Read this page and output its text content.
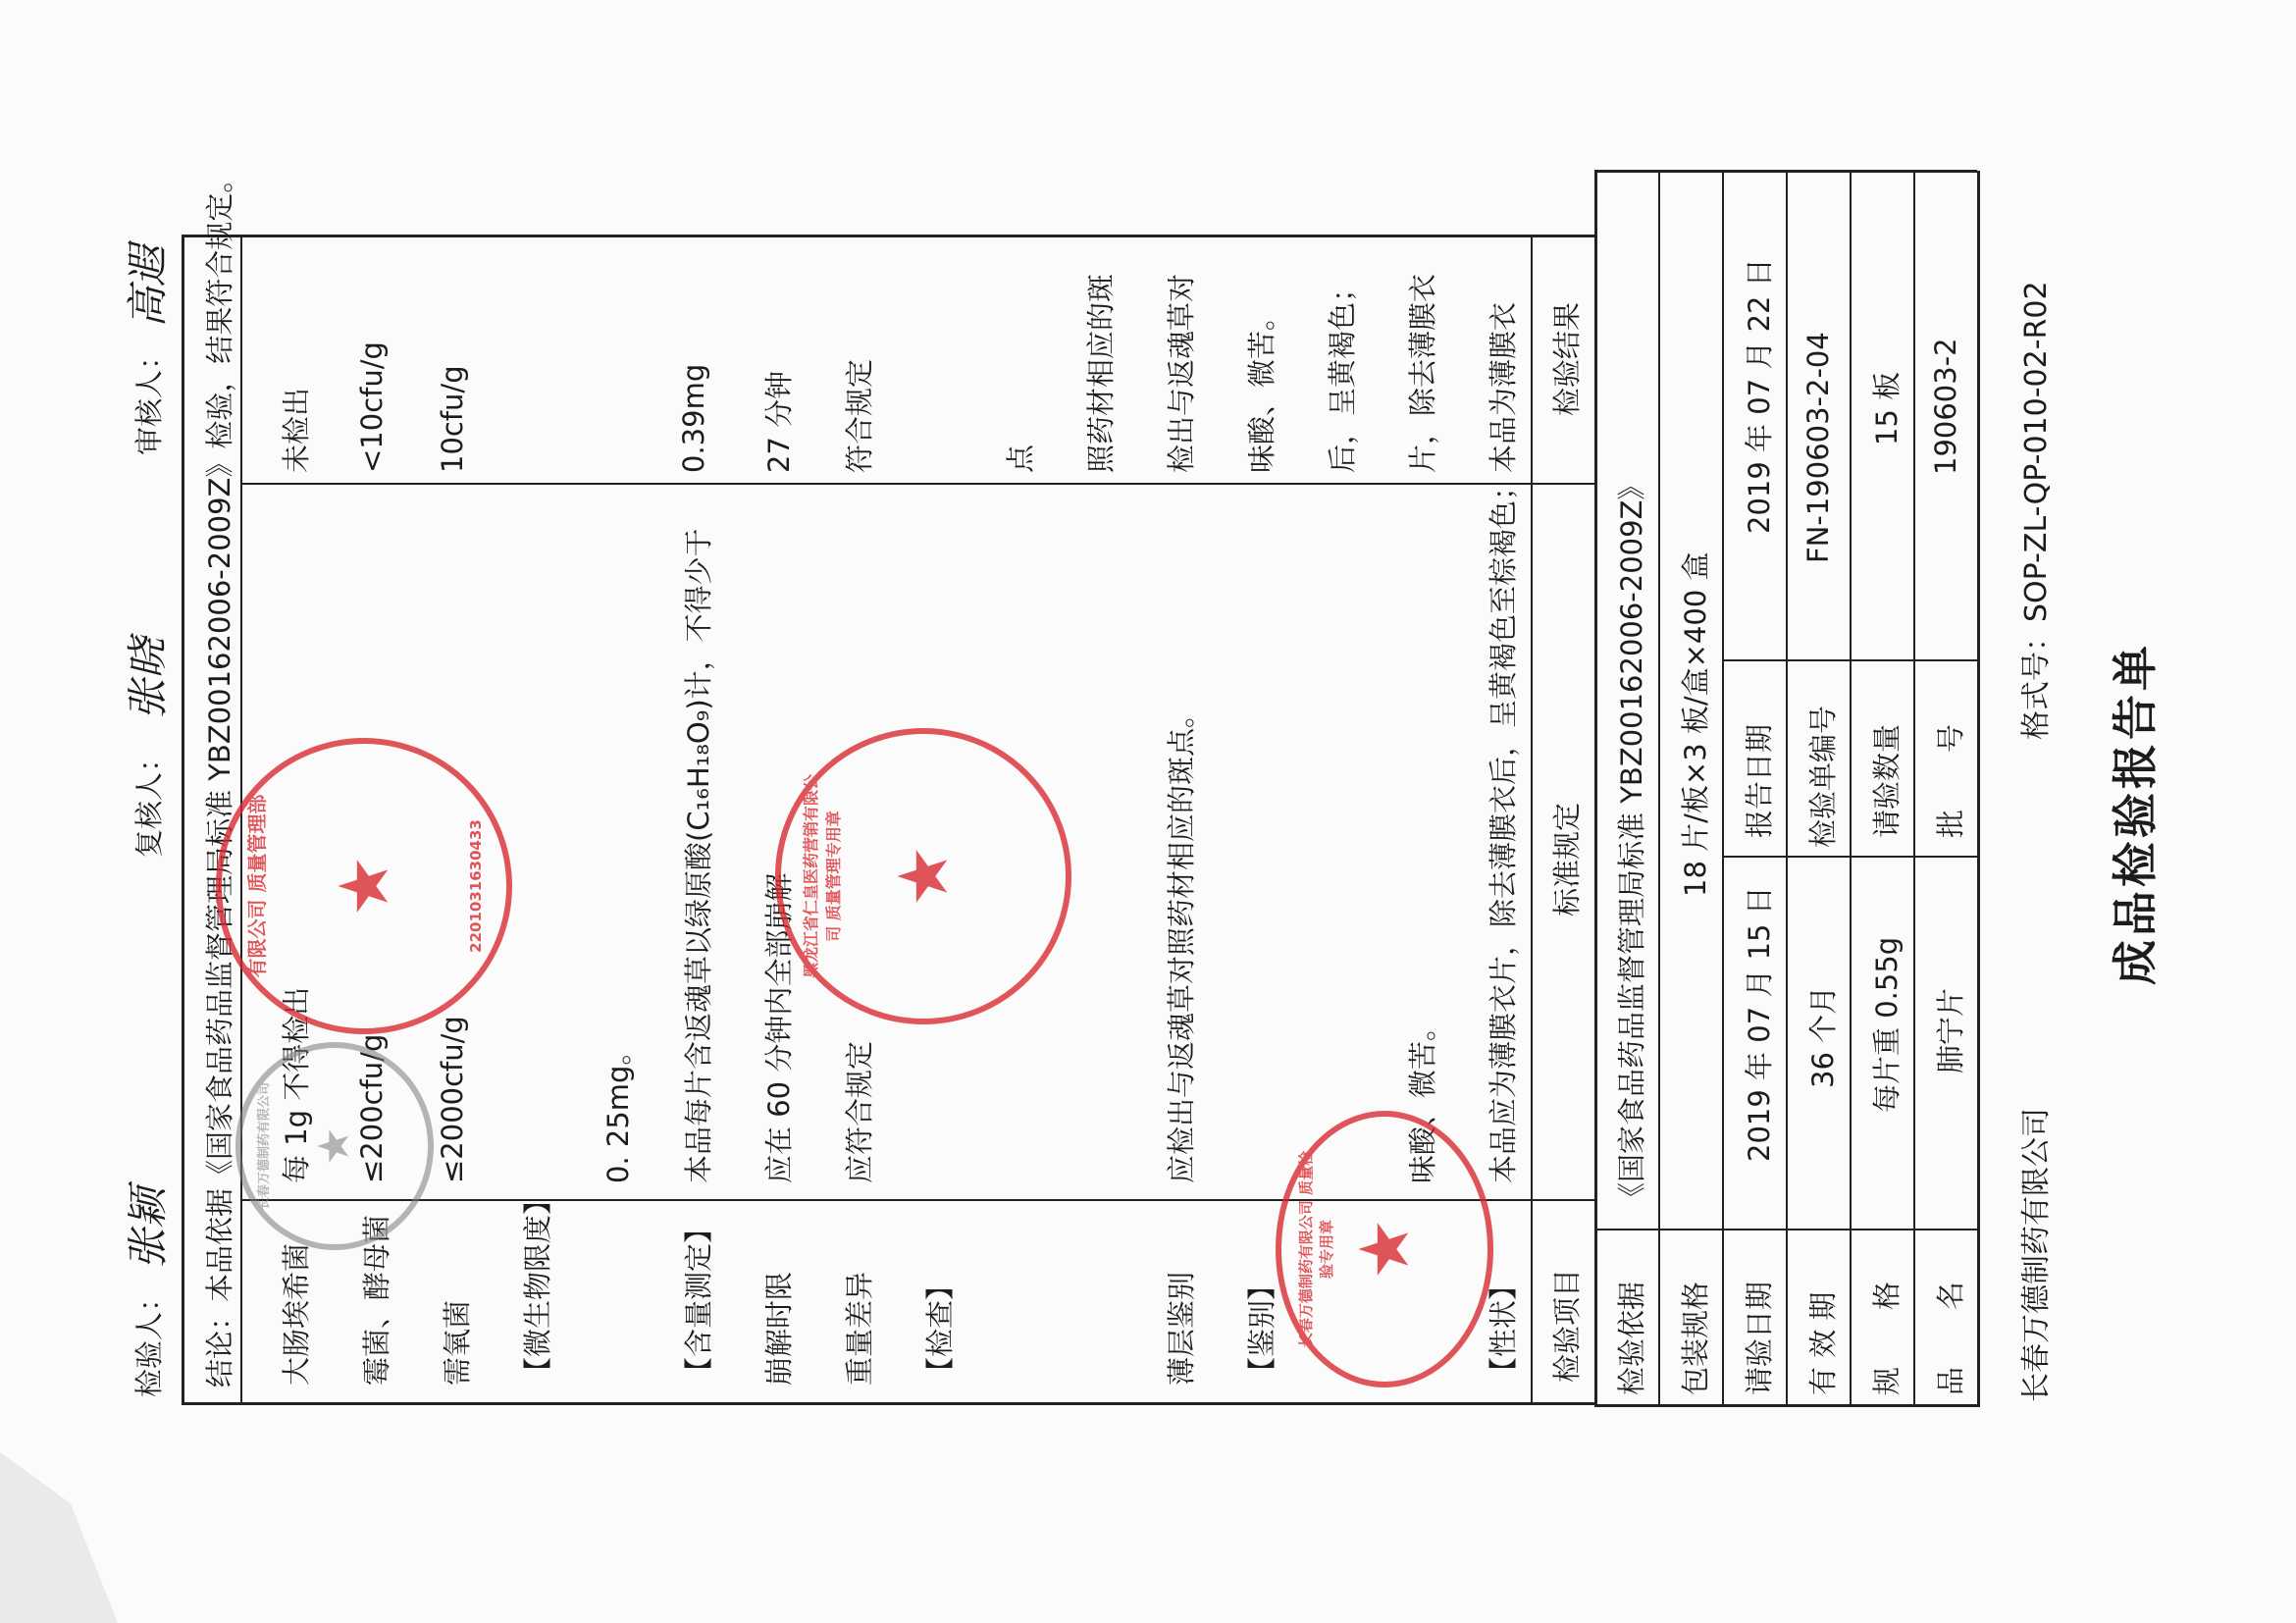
成品检验报告单
长春万德制药有限公司
格式号：SOP-ZL-QP-010-02-R02
品　　名
肺宁片
批　　号
190603-2
规　　格
每片重 0.55g
请验数量
15 板
有 效 期
36 个月
检验单编号
FN-190603-2-04
请验日期
2019 年 07 月 15 日
报告日期
2019 年 07 月 22 日
包装规格
18 片/板×3 板/盒×400 盒
检验依据
《国家食品药品监督管理局标准 YBZ00162006-2009Z》
检验项目
标准规定
检验结果
【性状】
本品应为薄膜衣片，除去薄膜衣后，呈黄褐色至棕褐色；
本品为薄膜衣
味酸、微苦。
片，除去薄膜衣
后，呈黄褐色；
【鉴别】
味酸、微苦。
薄层鉴别
应检出与返魂草对照药材相应的斑点。
检出与返魂草对
照药材相应的斑
点
【检查】
重量差异
应符合规定
符合规定
崩解时限
应在 60 分钟内全部崩解
27 分钟
【含量测定】
本品每片含返魂草以绿原酸(C₁₆H₁₈O₉)计，不得少于
0.39mg
0. 25mg。
【微生物限度】
需氧菌
≤2000cfu/g
10cfu/g
霉菌、酵母菌
≤200cfu/g
<10cfu/g
大肠埃希菌
每 1g 不得检出
未检出
结论：本品依据《国家食品药品监督管理局标准 YBZ00162006-2009Z》检验，结果符合规定。
检验人：
张颖
复核人：
张晓
审核人：
高遐
★
长春万德制药有限公司 质量检验专用章
★
黑龙江省仁皇医药营销有限公司 质量管理专用章
★
有限公司 质量管理部	2201031630433
★
长春万德制药有限公司
